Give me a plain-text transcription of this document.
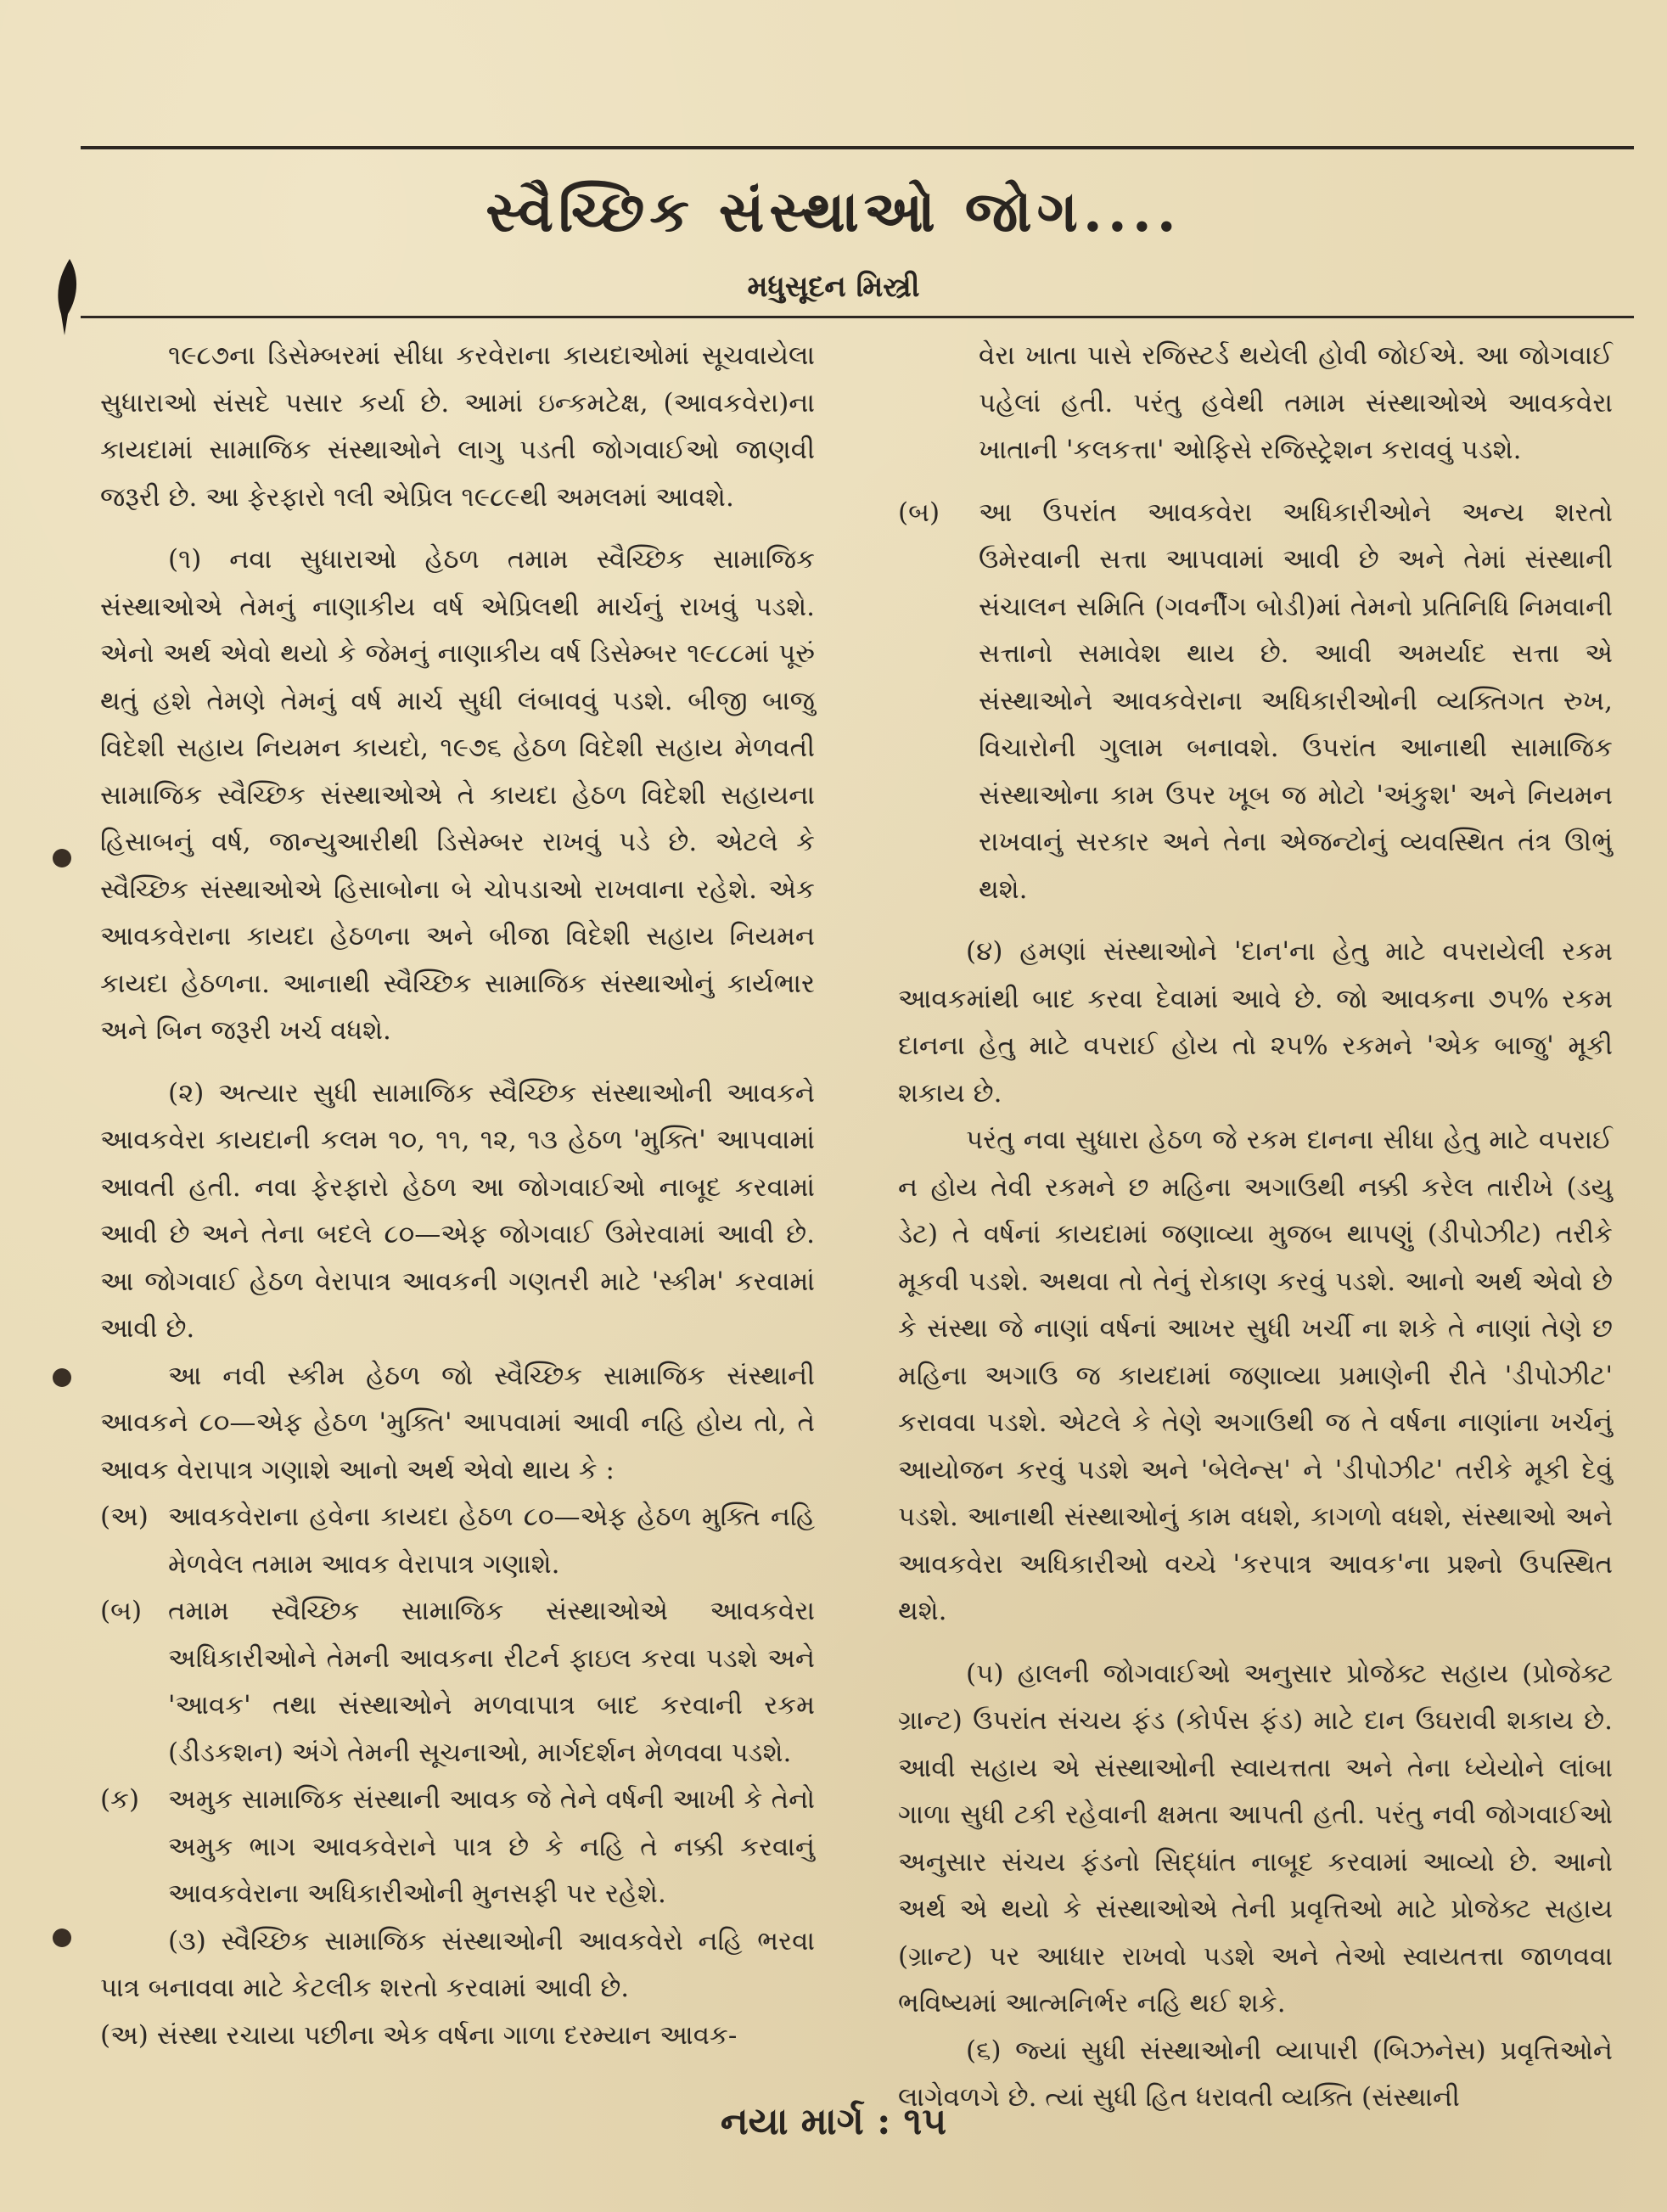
સ્વૈચ્છિક સંસ્થાઓ જોગ....
મધુસૂદન મિસ્ત્રી

૧૯૮૭ના ડિસેમ્બરમાં સીધા કરવેરાના કાયદાઓમાં સૂચવાયેલા સુધારાઓ સંસદે પસાર કર્યા છે. આમાં ઇન્કમટેક્ષ, (આવકવેરા)ના કાયદામાં સામાજિક સંસ્થાઓને લાગુ પડતી જોગવાઈઓ જાણવી જરૂરી છે. આ ફેરફારો ૧લી એપ્રિલ ૧૯૮૯થી અમલમાં આવશે.

(૧) નવા સુધારાઓ હેઠળ તમામ સ્વૈચ્છિક સામાજિક સંસ્થાઓએ તેમનું નાણાકીય વર્ષ એપ્રિલથી માર્ચનું રાખવું પડશે. એનો અર્થ એવો થયો કે જેમનું નાણાકીય વર્ષ ડિસેમ્બર ૧૯૮૮માં પૂરું થતું હશે તેમણે તેમનું વર્ષ માર્ચ સુધી લંબાવવું પડશે. બીજી બાજુ વિદેશી સહાય નિયમન કાયદો, ૧૯૭૬ હેઠળ વિદેશી સહાય મેળવતી સામાજિક સ્વૈચ્છિક સંસ્થાઓએ તે કાયદા હેઠળ વિદેશી સહાયના હિસાબનું વર્ષ, જાન્યુઆરીથી ડિસેમ્બર રાખવું પડે છે. એટલે કે સ્વૈચ્છિક સંસ્થાઓએ હિસાબોના બે ચોપડાઓ રાખવાના રહેશે. એક આવકવેરાના કાયદા હેઠળના અને બીજા વિદેશી સહાય નિયમન કાયદા હેઠળના. આનાથી સ્વૈચ્છિક સામાજિક સંસ્થાઓનું કાર્યભાર અને બિન જરૂરી ખર્ચ વધશે.

(૨) અત્યાર સુધી સામાજિક સ્વૈચ્છિક સંસ્થાઓની આવકને આવકવેરા કાયદાની કલમ ૧૦, ૧૧, ૧૨, ૧૩ હેઠળ 'મુક્તિ' આપવામાં આવતી હતી. નવા ફેરફારો હેઠળ આ જોગવાઈઓ નાબૂદ કરવામાં આવી છે અને તેના બદલે ૮૦—એફ જોગવાઈ ઉમેરવામાં આવી છે. આ જોગવાઈ હેઠળ વેરાપાત્ર આવકની ગણતરી માટે 'સ્કીમ' કરવામાં આવી છે.

આ નવી સ્કીમ હેઠળ જો સ્વૈચ્છિક સામાજિક સંસ્થાની આવકને ૮૦—એફ હેઠળ 'મુક્તિ' આપવામાં આવી નહિ હોય તો, તે આવક વેરાપાત્ર ગણાશે આનો અર્થ એવો થાય કે :

(અ) આવકવેરાના હવેના કાયદા હેઠળ ૮૦—એફ હેઠળ મુક્તિ નહિ મેળવેલ તમામ આવક વેરાપાત્ર ગણાશે.
(બ) તમામ સ્વૈચ્છિક સામાજિક સંસ્થાઓએ આવકવેરા અધિકારીઓને તેમની આવકના રીટર્ન ફાઇલ કરવા પડશે અને 'આવક' તથા સંસ્થાઓને મળવાપાત્ર બાદ કરવાની રકમ (ડીડકશન) અંગે તેમની સૂચનાઓ, માર્ગદર્શન મેળવવા પડશે.
(ક) અમુક સામાજિક સંસ્થાની આવક જે તેને વર્ષની આખી કે તેનો અમુક ભાગ આવકવેરાને પાત્ર છે કે નહિ તે નક્કી કરવાનું આવકવેરાના અધિકારીઓની મુનસફી પર રહેશે.

(૩) સ્વૈચ્છિક સામાજિક સંસ્થાઓની આવકવેરો નહિ ભરવા પાત્ર બનાવવા માટે કેટલીક શરતો કરવામાં આવી છે.

(અ) સંસ્થા રચાયા પછીના એક વર્ષના ગાળા દરમ્યાન આવક-

વેરા ખાતા પાસે રજિસ્ટર્ડ થયેલી હોવી જોઈએ. આ જોગવાઈ પહેલાં હતી. પરંતુ હવેથી તમામ સંસ્થાઓએ આવકવેરા ખાતાની 'કલકત્તા' ઓફિસે રજિસ્ટ્રેશન કરાવવું પડશે.

(બ) આ ઉપરાંત આવકવેરા અધિકારીઓને અન્ય શરતો ઉમેરવાની સત્તા આપવામાં આવી છે અને તેમાં સંસ્થાની સંચાલન સમિતિ (ગવર્નીંગ બોડી)માં તેમનો પ્રતિનિધિ નિમવાની સત્તાનો સમાવેશ થાય છે. આવી અમર્યાદ સત્તા એ સંસ્થાઓને આવકવેરાના અધિકારીઓની વ્યક્તિગત રુખ, વિચારોની ગુલામ બનાવશે. ઉપરાંત આનાથી સામાજિક સંસ્થાઓના કામ ઉપર ખૂબ જ મોટો 'અંકુશ' અને નિયમન રાખવાનું સરકાર અને તેના એજન્ટોનું વ્યવસ્થિત તંત્ર ઊભું થશે.

(૪) હમણાં સંસ્થાઓને 'દાન'ના હેતુ માટે વપરાયેલી રકમ આવકમાંથી બાદ કરવા દેવામાં આવે છે. જો આવકના ૭૫% રકમ દાનના હેતુ માટે વપરાઈ હોય તો ૨૫% રકમને 'એક બાજુ' મૂકી શકાય છે.

પરંતુ નવા સુધારા હેઠળ જે રકમ દાનના સીધા હેતુ માટે વપરાઈ ન હોય તેવી રકમને છ મહિના અગાઉથી નક્કી કરેલ તારીખે (ડયુ ડેટ) તે વર્ષનાં કાયદામાં જણાવ્યા મુજબ થાપણું (ડીપોઝીટ) તરીકે મૂકવી પડશે. અથવા તો તેનું રોકાણ કરવું પડશે. આનો અર્થ એવો છે કે સંસ્થા જે નાણાં વર્ષનાં આખર સુધી ખર્ચી ના શકે તે નાણાં તેણે છ મહિના અગાઉ જ કાયદામાં જણાવ્યા પ્રમાણેની રીતે 'ડીપોઝીટ' કરાવવા પડશે. એટલે કે તેણે અગાઉથી જ તે વર્ષના નાણાંના ખર્ચનું આયોજન કરવું પડશે અને 'બેલેન્સ' ને 'ડીપોઝીટ' તરીકે મૂકી દેવું પડશે. આનાથી સંસ્થાઓનું કામ વધશે, કાગળો વધશે, સંસ્થાઓ અને આવકવેરા અધિકારીઓ વચ્ચે 'કરપાત્ર આવક'ના પ્રશ્નો ઉપસ્થિત થશે.

(૫) હાલની જોગવાઈઓ અનુસાર પ્રોજેક્ટ સહાય (પ્રોજેક્ટ ગ્રાન્ટ) ઉપરાંત સંચય ફંડ (કોર્પસ ફંડ) માટે દાન ઉઘરાવી શકાય છે. આવી સહાય એ સંસ્થાઓની સ્વાયત્તતા અને તેના ધ્યેયોને લાંબા ગાળા સુધી ટકી રહેવાની ક્ષમતા આપતી હતી. પરંતુ નવી જોગવાઈઓ અનુસાર સંચય ફંડનો સિદ્ધાંત નાબૂદ કરવામાં આવ્યો છે. આનો અર્થ એ થયો કે સંસ્થાઓએ તેની પ્રવૃત્તિઓ માટે પ્રોજેક્ટ સહાય (ગ્રાન્ટ) પર આધાર રાખવો પડશે અને તેઓ સ્વાયતત્તા જાળવવા ભવિષ્યમાં આત્મનિર્ભર નહિ થઈ શકે.

(૬) જ્યાં સુધી સંસ્થાઓની વ્યાપારી (બિઝનેસ) પ્રવૃત્તિઓને લાગેવળગે છે. ત્યાં સુધી હિત ધરાવતી વ્યક્તિ (સંસ્થાની

નયા માર્ગ : ૧૫
